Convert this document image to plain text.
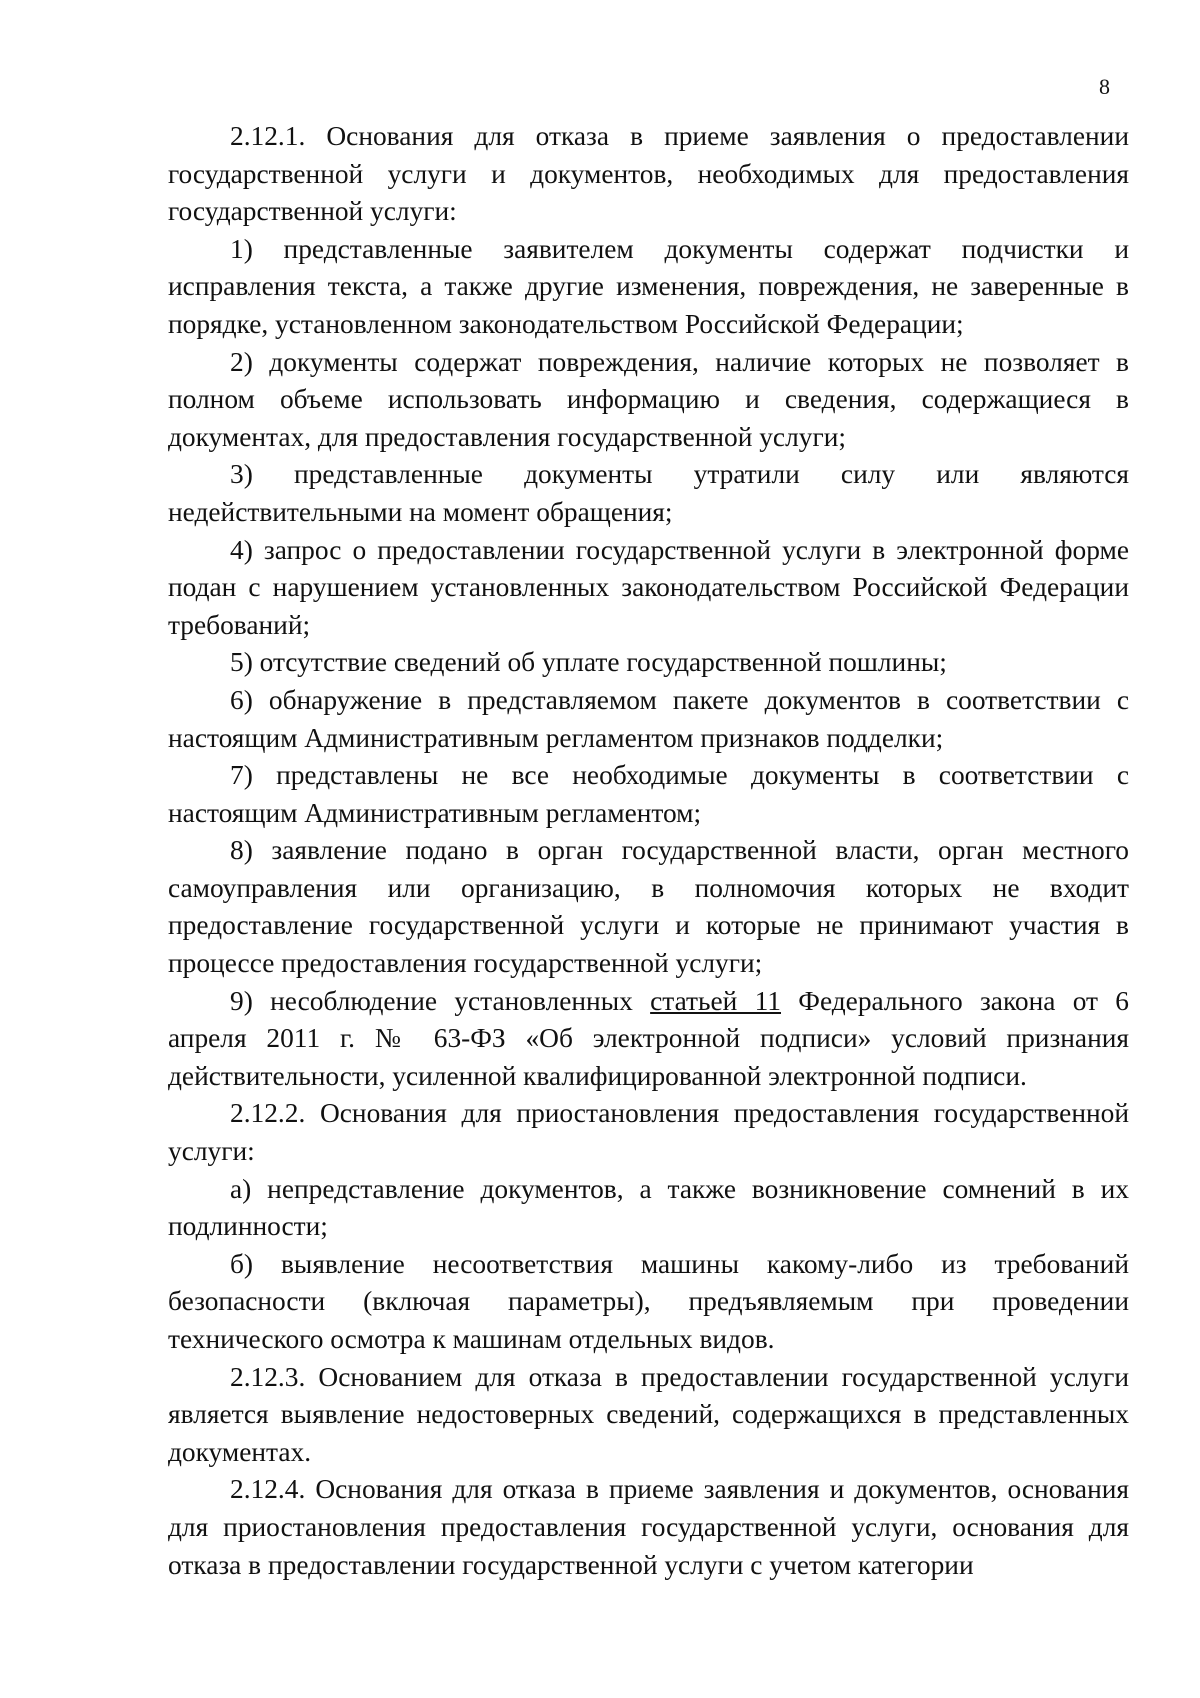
8

2.12.1. Основания для отказа в приеме заявления о предоставлении государственной услуги и документов, необходимых для предоставления государственной услуги:

1) представленные заявителем документы содержат подчистки и исправления текста, а также другие изменения, повреждения, не заверенные в порядке, установленном законодательством Российской Федерации;

2) документы содержат повреждения, наличие которых не позволяет в полном объеме использовать информацию и сведения, содержащиеся в документах, для предоставления государственной услуги;

3) представленные документы утратили силу или являются недействительными на момент обращения;

4) запрос о предоставлении государственной услуги в электронной форме подан с нарушением установленных законодательством Российской Федерации требований;

5) отсутствие сведений об уплате государственной пошлины;

6) обнаружение в представляемом пакете документов в соответствии с настоящим Административным регламентом признаков подделки;

7) представлены не все необходимые документы в соответствии с настоящим Административным регламентом;

8) заявление подано в орган государственной власти, орган местного самоуправления или организацию, в полномочия которых не входит предоставление государственной услуги и которые не принимают участия в процессе предоставления государственной услуги;

9) несоблюдение установленных статьей 11 Федерального закона от 6 апреля 2011 г. № 63-ФЗ «Об электронной подписи» условий признания действительности, усиленной квалифицированной электронной подписи.

2.12.2. Основания для приостановления предоставления государственной услуги:

а) непредставление документов, а также возникновение сомнений в их подлинности;

б) выявление несоответствия машины какому-либо из требований безопасности (включая параметры), предъявляемым при проведении технического осмотра к машинам отдельных видов.

2.12.3. Основанием для отказа в предоставлении государственной услуги является выявление недостоверных сведений, содержащихся в представленных документах.

2.12.4. Основания для отказа в приеме заявления и документов, основания для приостановления предоставления государственной услуги, основания для отказа в предоставлении государственной услуги с учетом категории
